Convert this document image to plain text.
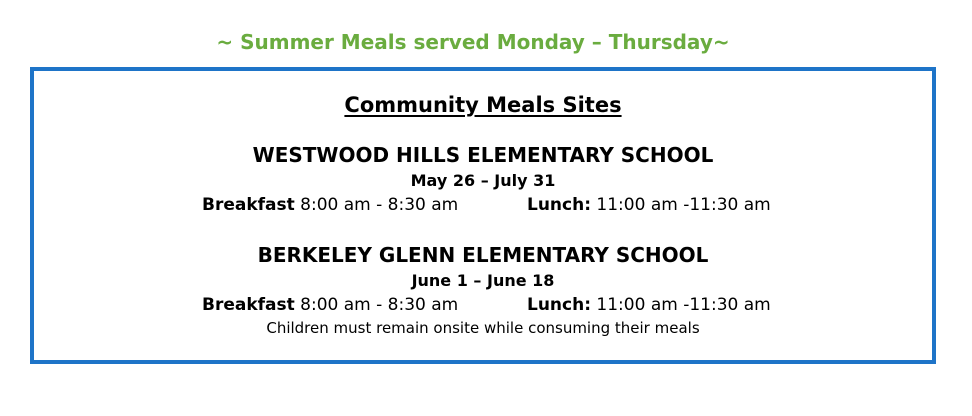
~ Summer Meals served Monday – Thursday~
Community Meals Sites
WESTWOOD HILLS ELEMENTARY SCHOOL
May 26 – July 31
Breakfast 8:00 am - 8:30 am	Lunch: 11:00 am -11:30 am
BERKELEY GLENN ELEMENTARY SCHOOL
June 1 – June 18
Breakfast 8:00 am - 8:30 am	Lunch: 11:00 am -11:30 am
Children must remain onsite while consuming their meals
